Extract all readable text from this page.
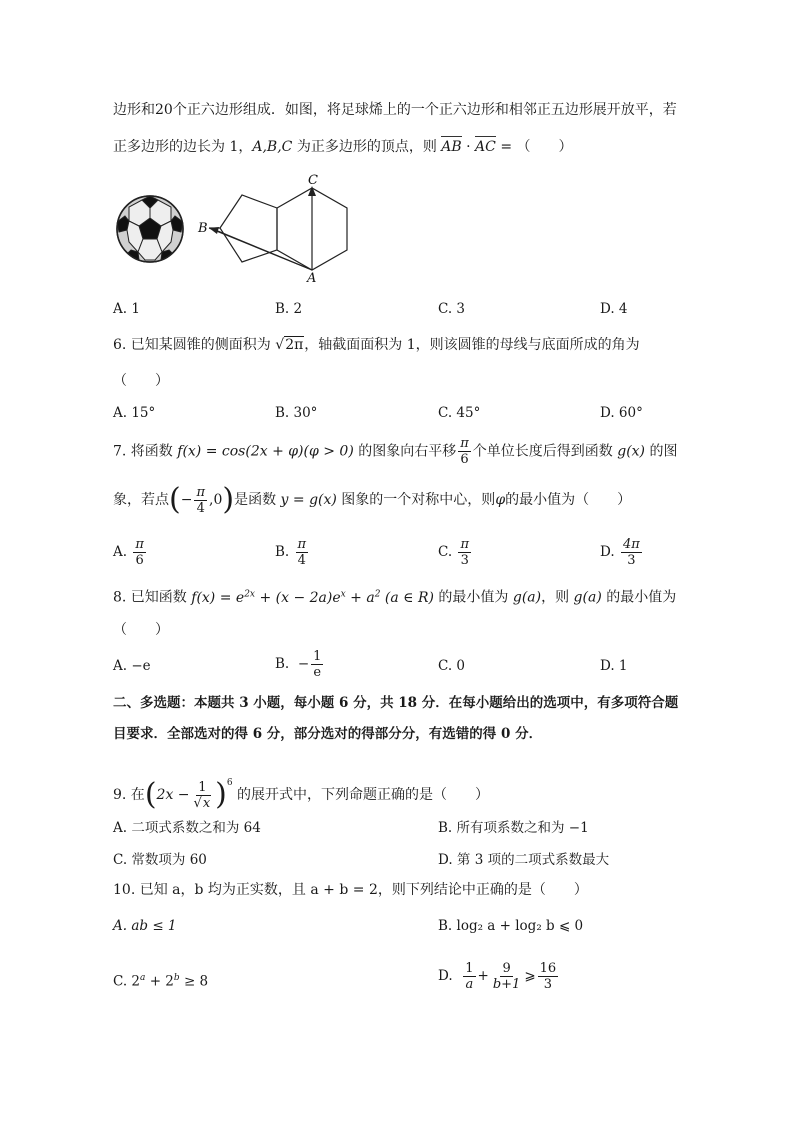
边形和20个正六边形组成．如图，将足球烯上的一个正六边形和相邻正五边形展开放平，若
正多边形的边长为 1，A,B,C 为正多边形的顶点，则 AB · AC = （　　）
C
B
A
A. 1	B. 2	C. 3	D. 4
6. 已知某圆锥的侧面积为 √2π，轴截面面积为 1，则该圆锥的母线与底面所成的角为
（　　）
A. 15°	B. 30°	C. 45°	D. 60°
7. 将函数 f(x) = cos(2x + φ)(φ > 0) 的图象向右平移 $\frac{\pi}{6}$ 个单位长度后得到函数 g(x) 的图
象，若点(− $\frac{\pi}{4} ,0$)是函数 y = g(x) 图象的一个对称中心，则φ的最小值为（　　）
A. $\frac{\pi}{6}$	B. $\frac{\pi}{4}$	C. $\frac{\pi}{3}$	D. $\frac{4\pi}{3}$
8. 已知函数 $f(x) = e^{2x} + (x - 2a)e^x + a^2$ (a ∈ R) 的最小值为 g(a)，则 g(a) 的最小值为
（　　）
A. −e	B. − $\frac{1}{e}$	C. 0	D. 1
二、多选题：本题共 3 小题，每小题 6 分，共 18 分．在每小题给出的选项中，有多项符合题
目要求．全部选对的得 6 分，部分选对的得部分分，有选错的得 0 分．
9. 在$(2x - \frac{1}{√x} )^6$ 的展开式中，下列命题正确的是（　　）
A. 二项式系数之和为 64	B. 所有项系数之和为 −1
C. 常数项为 60	D. 第 3 项的二项式系数最大
10. 已知 a，b 均为正实数，且 a + b = 2，则下列结论中正确的是（　　）
A. ab ≤ 1	B. log₂ a + log₂ b ⩽ 0
C. $2^a + 2^b \ge 8$	D. $\frac{1}{a} + \frac{9}{b+1}$ ⩾ $\frac{16}{3}$
